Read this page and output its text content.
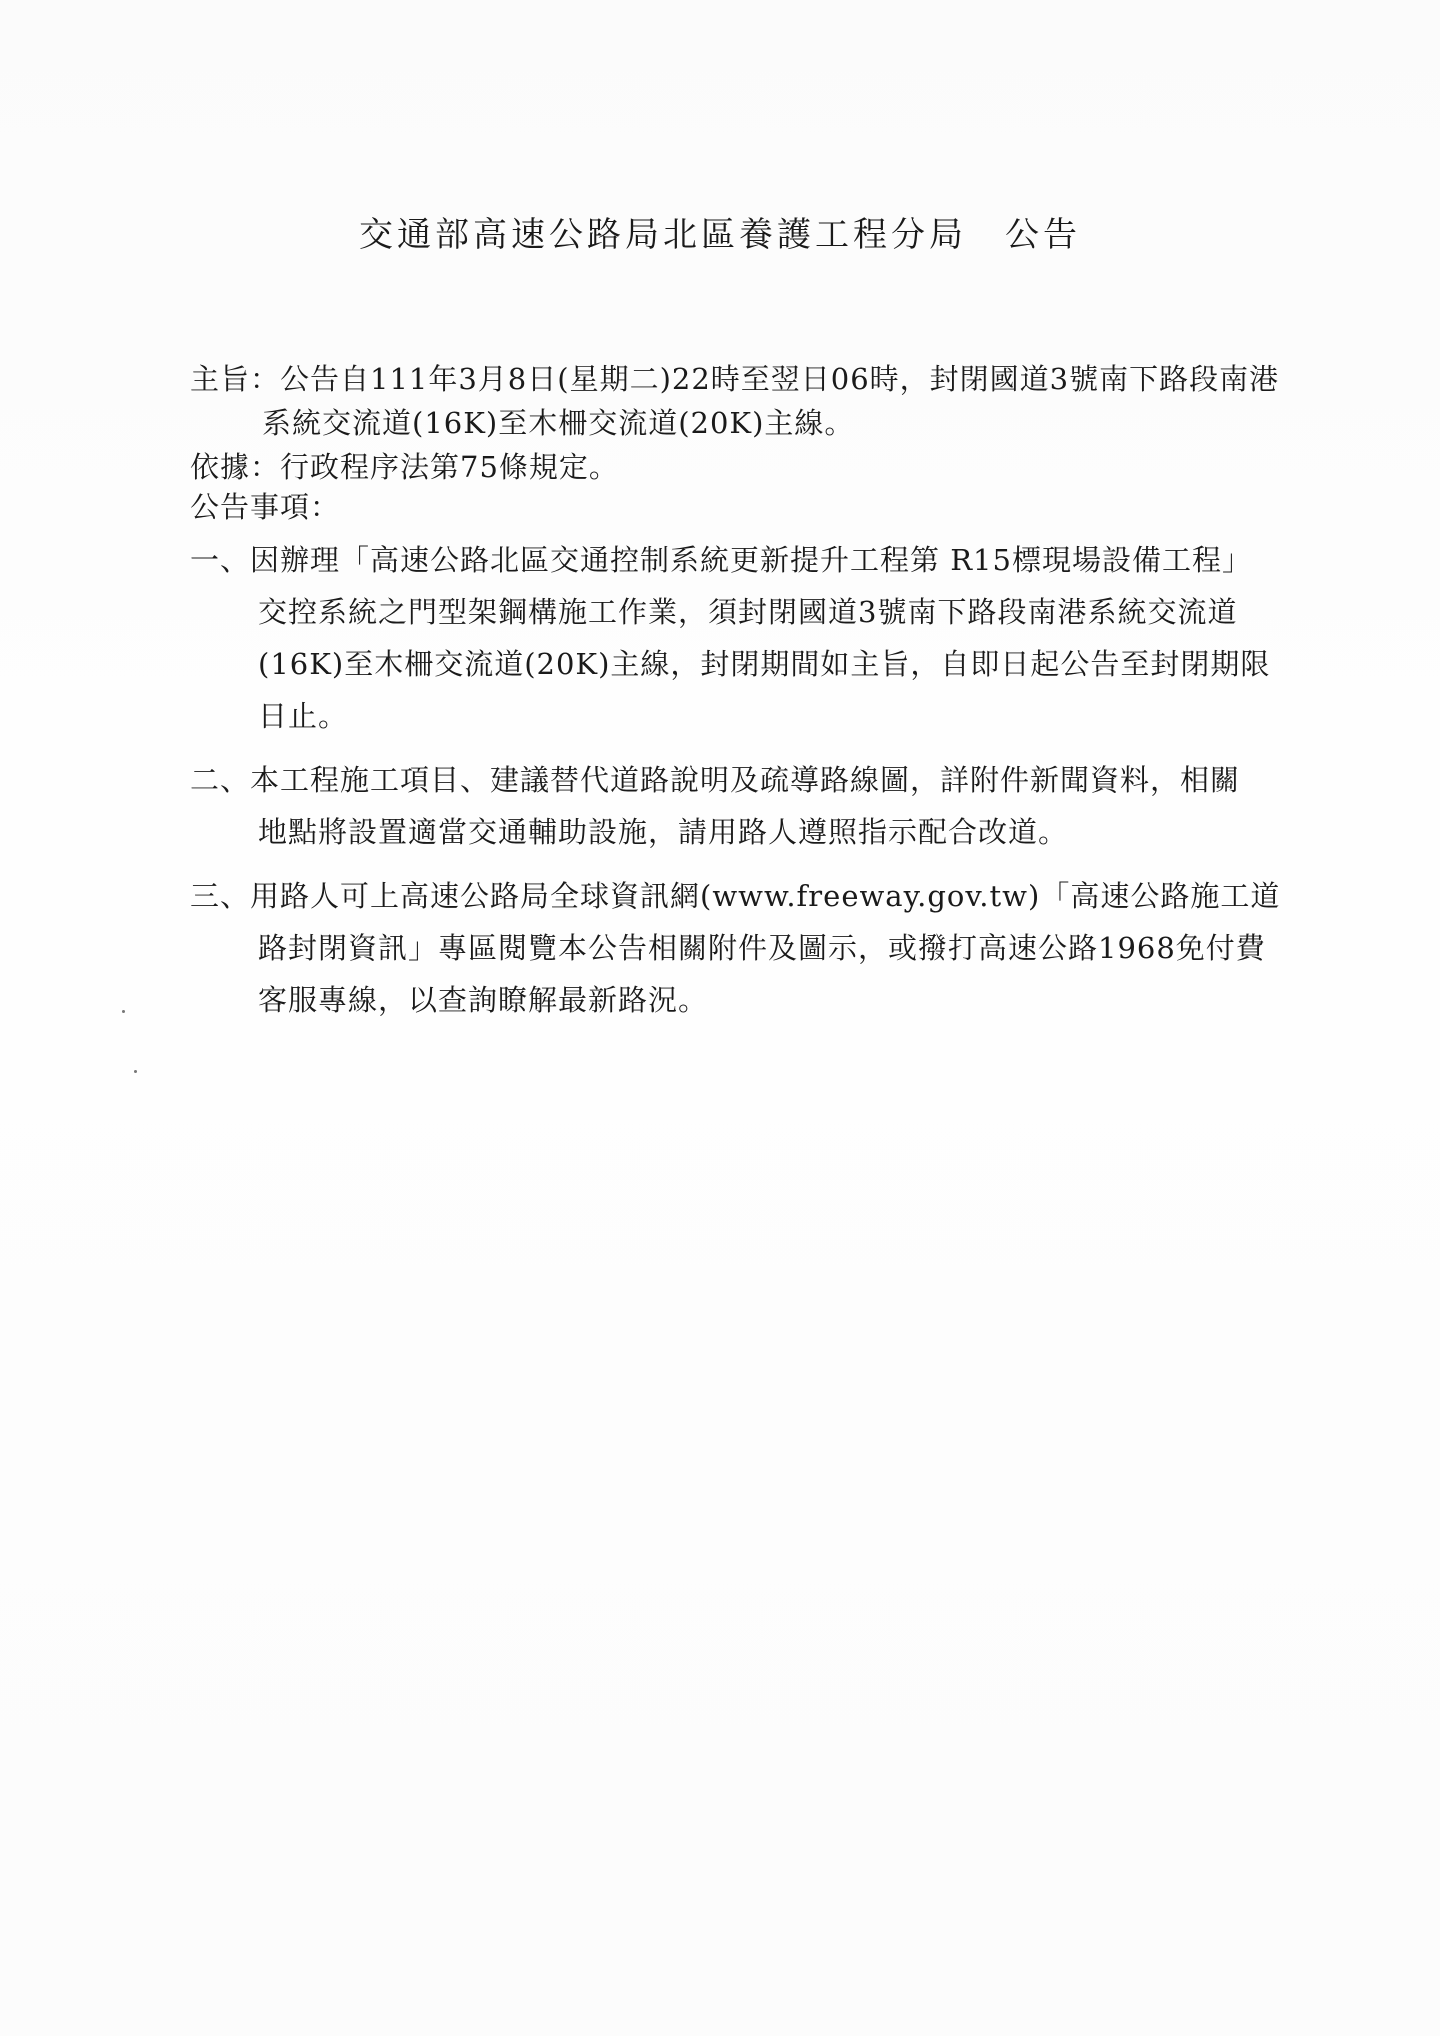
交通部高速公路局北區養護工程分局　公告
主旨：公告自111年3月8日(星期二)22時至翌日06時，封閉國道3號南下路段南港
系統交流道(16K)至木柵交流道(20K)主線。
依據：行政程序法第75條規定。
公告事項：
一、因辦理「高速公路北區交通控制系統更新提升工程第 R15標現場設備工程」
交控系統之門型架鋼構施工作業，須封閉國道3號南下路段南港系統交流道
(16K)至木柵交流道(20K)主線，封閉期間如主旨，自即日起公告至封閉期限
日止。
二、本工程施工項目、建議替代道路說明及疏導路線圖，詳附件新聞資料，相關
地點將設置適當交通輔助設施，請用路人遵照指示配合改道。
三、用路人可上高速公路局全球資訊網(www.freeway.gov.tw)「高速公路施工道
路封閉資訊」專區閱覽本公告相關附件及圖示，或撥打高速公路1968免付費
客服專線，以查詢瞭解最新路況。
